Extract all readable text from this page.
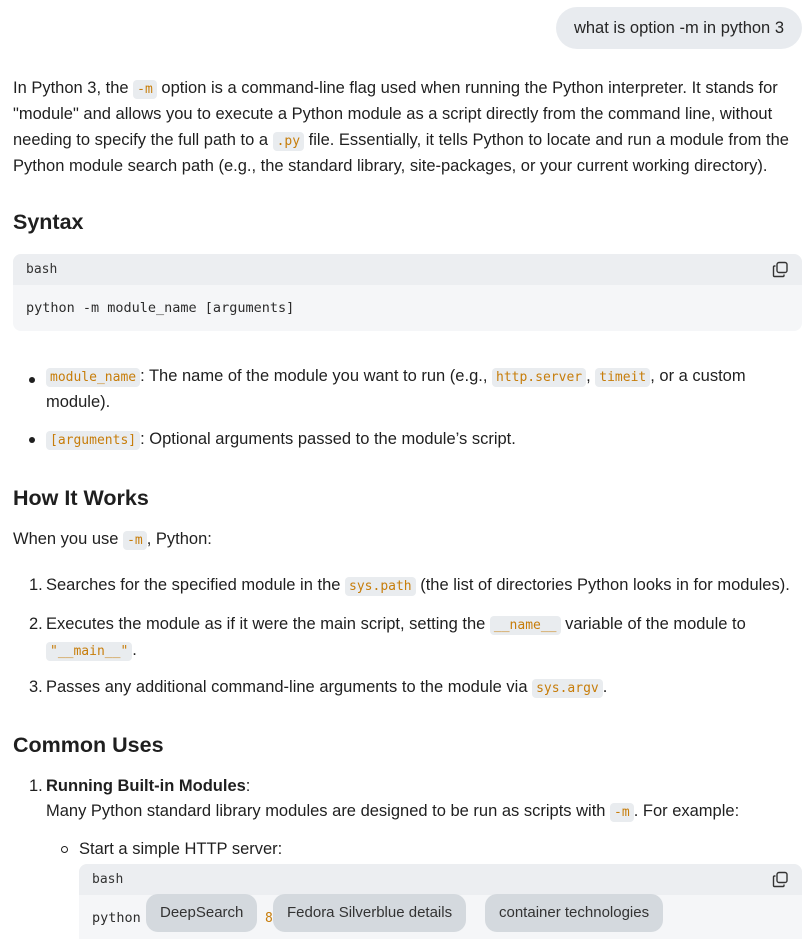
what is option -m in python 3

In Python 3, the -m option is a command-line flag used when running the Python interpreter. It stands for "module" and allows you to execute a Python module as a script directly from the command line, without needing to specify the full path to a .py file. Essentially, it tells Python to locate and run a module from the Python module search path (e.g., the standard library, site-packages, or your current working directory).

Syntax
bash
python -m module_name [arguments]

module_name : The name of the module you want to run (e.g., http.server , timeit , or a custom module).

[arguments] : Optional arguments passed to the module’s script.

How It Works

When you use -m , Python:

1. Searches for the specified module in the sys.path (the list of directories Python looks in for modules).

2. Executes the module as if it were the main script, setting the __name__ variable of the module to "__main__" .

3. Passes any additional command-line arguments to the module via sys.argv .

Common Uses
1. Running Built-in Modules:
Many Python standard library modules are designed to be run as scripts with -m . For example:

Start a simple HTTP server:

bash
python	DeepSearch	8 Fedora Silverblue details	container technologies
